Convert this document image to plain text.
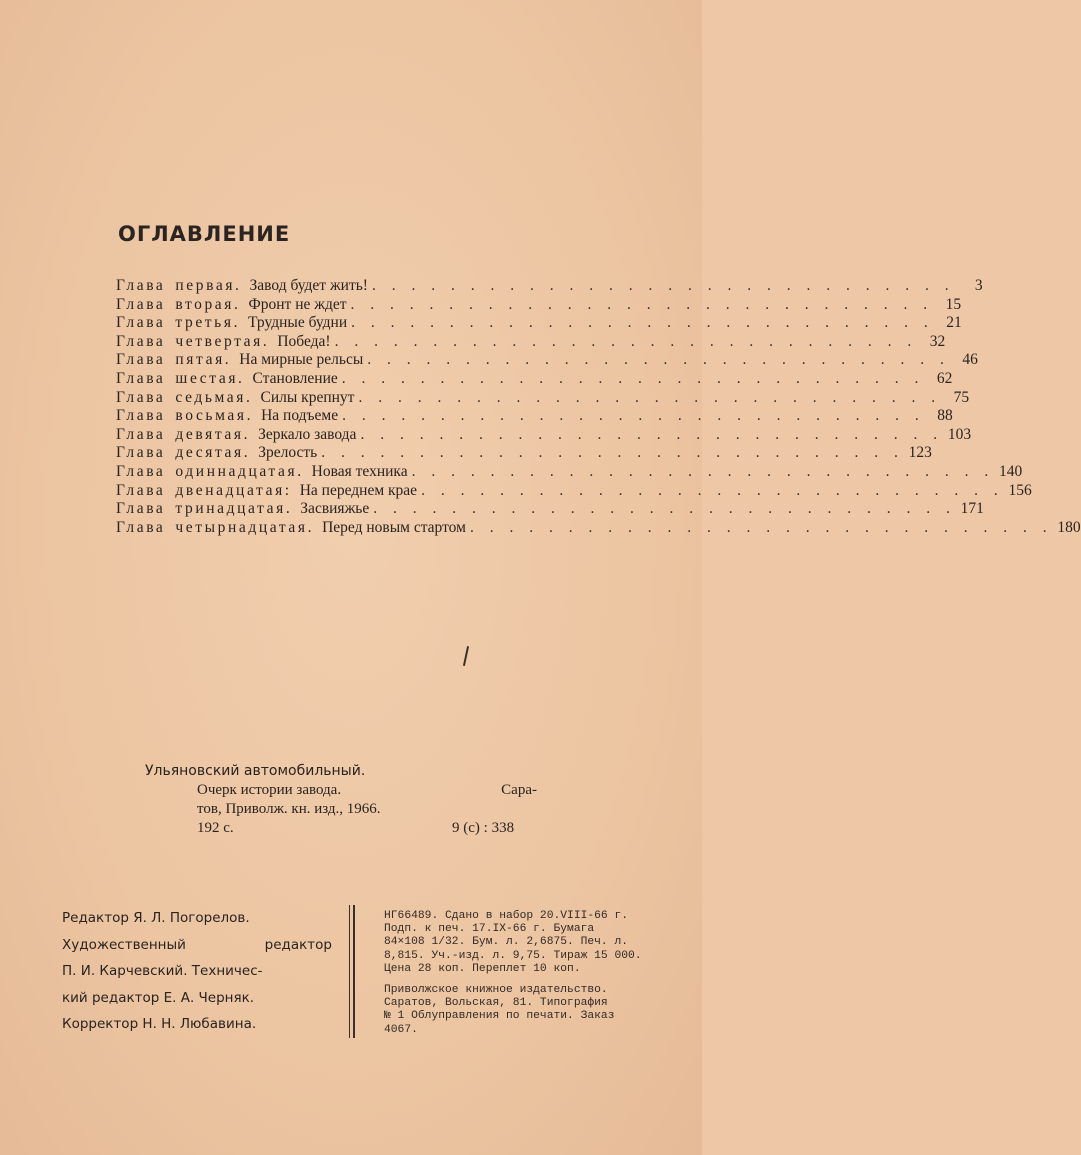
ОГЛАВЛЕНИЕ
Глава первая. Завод будет жить! . . . . . . . . . . . . . . . . . . . . . . . . . . . . . .	3
Глава вторая. Фронт не ждет . . . . . . . . . . . . . . . . . . . . . . . . . . . . . . 15
Глава третья. Трудные будни . . . . . . . . . . . . . . . . . . . . . . . . . . . . . . 21
Глава четвертая. Победа! . . . . . . . . . . . . . . . . . . . . . . . . . . . . . . 32
Глава пятая. На мирные рельсы . . . . . . . . . . . . . . . . . . . . . . . . . . . . . . 46
Глава шестая. Становление . . . . . . . . . . . . . . . . . . . . . . . . . . . . . . 62
Глава седьмая. Силы крепнут . . . . . . . . . . . . . . . . . . . . . . . . . . . . . . 75
Глава восьмая. На подъеме . . . . . . . . . . . . . . . . . . . . . . . . . . . . . . 88
Глава девятая. Зеркало завода . . . . . . . . . . . . . . . . . . . . . . . . . . . . . . 103
Глава десятая. Зрелость . . . . . . . . . . . . . . . . . . . . . . . . . . . . . . 123
Глава одиннадцатая. Новая техника . . . . . . . . . . . . . . . . . . . . . . . . . . . . . . 140
Глава двенадцатая: На переднем крае . . . . . . . . . . . . . . . . . . . . . . . . . . . . . . 156
Глава тринадцатая. Засвияжье . . . . . . . . . . . . . . . . . . . . . . . . . . . . . . 171
Глава четырнадцатая. Перед новым стартом . . . . . . . . . . . . . . . . . . . . . . . . . . . . . . 180
Ульяновский автомобильный.
Очерк истории завода.	Сара-
тов, Приволж. кн. изд., 1966.
192 с.	9 (с) : 338
Редактор Я. Л. Погорелов.
Художественный	редактор
П. И. Карчевский. Техничес-
кий редактор Е. А. Черняк.
Корректор Н. Н. Любавина.
НГ66489. Сдано в набор 20.VIII-66 г.
Подп. к печ. 17.IX-66 г. Бумага
84×108 1/32. Бум. л. 2,6875. Печ. л.
8,815. Уч.-изд. л. 9,75. Тираж 15 000.
Цена 28 коп. Переплет 10 коп.
Приволжское книжное издательство.
Саратов, Вольская, 81. Типография
№ 1 Облуправления по печати. Заказ
4067.
